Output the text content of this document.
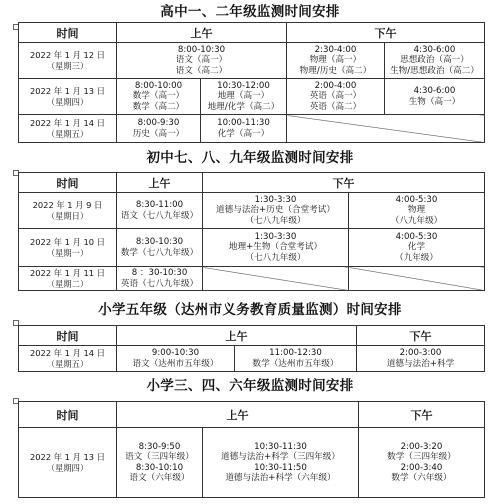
高中一、二年级监测时间安排
时间	上午		下午	

2022 年 1 月 12 日
（星期三）	8:00-10:30
语文（高一）
语文（高二）		2:30-4:00
物理（高一）
物理/历史（高二）	4:30-6:00
思想政治（高一）
生物/思想政治（高二）

2022 年 1 月 13 日
（星期四）	8:00-10:00
数学（高一）
数学（高二）	10:30-12:00
地理（高一）
地理/化学（高二）	2:00-4:00
英语（高一）
英语（高二）	4:30-6:00
生物（高一）

2022 年 1 月 14 日
（星期五）	8:00-9:30
历史（高一）	10:00-11:30
化学（高一）		

初中七、八、九年级监测时间安排
时间	上午	下午	

2022 年 1 月 9 日
（星期日）	8:30-11:00
语文（七八九年级）	1:30-3:30
道德与法治+历史（合堂考试）
（七八九年级）	4:00-5:30
物理
（八九年级）

2022 年 1 月 10 日
（星期一）	8:30-10:30
数学（七八九年级）	1:30-3:30
地理+生物（合堂考试）
（七八九年级）	4:00-5:30
化学
（九年级）

2022 年 1 月 11 日
（星期二）	8 ：30-10:30
英语（七八九年级）		

小学五年级（达州市义务教育质量监测）时间安排
时间	上午		下午

2022 年 1 月 14 日
（星期五）	9:00-10:30
语文（达州市五年级）	11:00-12:30
数学（达州市五年级）	2:00-3:00
道德与法治+科学
小学三、四、六年级监测时间安排
时间	上午		下午

2022 年 1 月 13 日
（星期四）	8:30-9:50
语文（三四年级）
8:30-10:10
语文（六年级）	10:30-11:30
道德与法治+科学（三四年级）
10:30-11:50
道德与法治+科学（六年级）	2:00-3:20
数学（三四年级）
2:00-3:40
数学（六年级）
